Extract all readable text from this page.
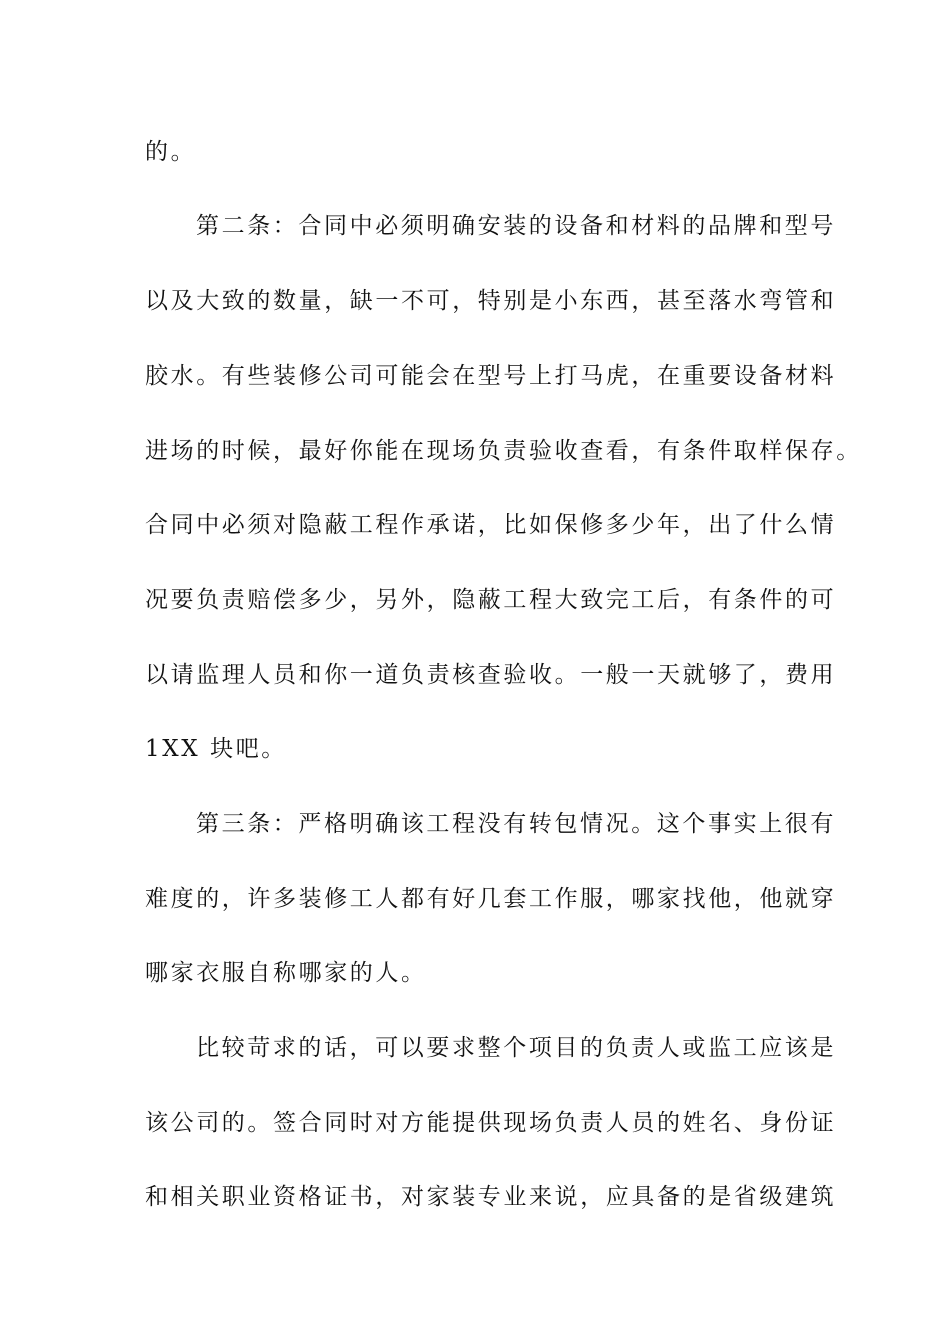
的。
第二条：合同中必须明确安装的设备和材料的品牌和型号
以及大致的数量，缺一不可，特别是小东西，甚至落水弯管和
胶水。有些装修公司可能会在型号上打马虎，在重要设备材料
进场的时候，最好你能在现场负责验收查看，有条件取样保存。
合同中必须对隐蔽工程作承诺，比如保修多少年，出了什么情
况要负责赔偿多少，另外，隐蔽工程大致完工后，有条件的可
以请监理人员和你一道负责核查验收。一般一天就够了，费用
1XX 块吧。
第三条：严格明确该工程没有转包情况。这个事实上很有
难度的，许多装修工人都有好几套工作服，哪家找他，他就穿
哪家衣服自称哪家的人。
比较苛求的话，可以要求整个项目的负责人或监工应该是
该公司的。签合同时对方能提供现场负责人员的姓名、身份证
和相关职业资格证书，对家装专业来说，应具备的是省级建筑
